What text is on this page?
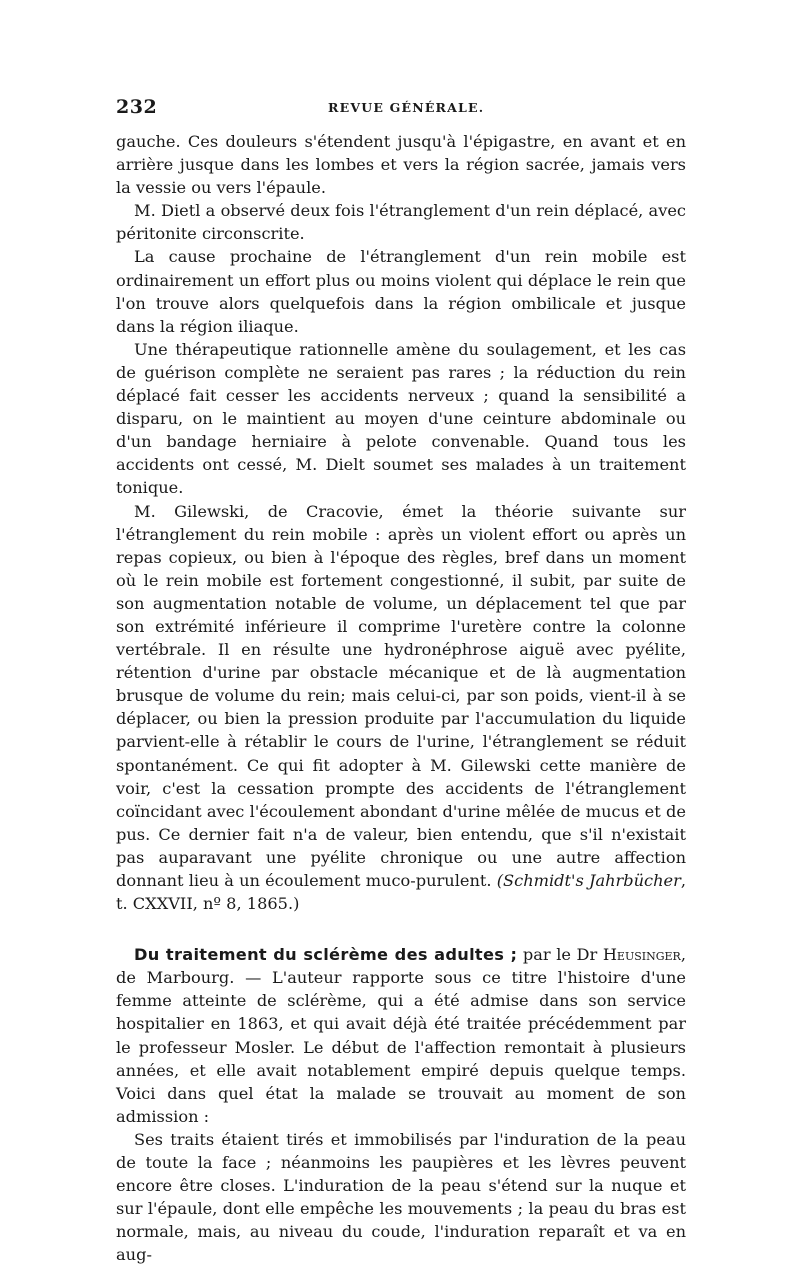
232	REVUE GÉNÉRALE.

gauche. Ces douleurs s'étendent jusqu'à l'épigastre, en avant et en arrière jusque dans les lombes et vers la région sacrée, jamais vers la vessie ou vers l'épaule.

M. Dietl a observé deux fois l'étranglement d'un rein déplacé, avec péritonite circonscrite.

La cause prochaine de l'étranglement d'un rein mobile est ordinairement un effort plus ou moins violent qui déplace le rein que l'on trouve alors quelquefois dans la région ombilicale et jusque dans la région iliaque.

Une thérapeutique rationnelle amène du soulagement, et les cas de guérison complète ne seraient pas rares ; la réduction du rein déplacé fait cesser les accidents nerveux ; quand la sensibilité a disparu, on le maintient au moyen d'une ceinture abdominale ou d'un bandage herniaire à pelote convenable. Quand tous les accidents ont cessé, M. Dielt soumet ses malades à un traitement tonique.

M. Gilewski, de Cracovie, émet la théorie suivante sur l'étranglement du rein mobile : après un violent effort ou après un repas copieux, ou bien à l'époque des règles, bref dans un moment où le rein mobile est fortement congestionné, il subit, par suite de son augmentation notable de volume, un déplacement tel que par son extrémité inférieure il comprime l'uretère contre la colonne vertébrale. Il en résulte une hydronéphrose aiguë avec pyélite, rétention d'urine par obstacle mécanique et de là augmentation brusque de volume du rein; mais celui-ci, par son poids, vient-il à se déplacer, ou bien la pression produite par l'accumulation du liquide parvient-elle à rétablir le cours de l'urine, l'étranglement se réduit spontanément. Ce qui fit adopter à M. Gilewski cette manière de voir, c'est la cessation prompte des accidents de l'étranglement coïncidant avec l'écoulement abondant d'urine mêlée de mucus et de pus. Ce dernier fait n'a de valeur, bien entendu, que s'il n'existait pas auparavant une pyélite chronique ou une autre affection donnant lieu à un écoulement muco-purulent. (Schmidt's Jahrbücher, t. CXXVII, nº 8, 1865.)

Du traitement du sclérème des adultes ; par le Dr Heusinger, de Marbourg. — L'auteur rapporte sous ce titre l'histoire d'une femme atteinte de sclérème, qui a été admise dans son service hospitalier en 1863, et qui avait déjà été traitée précédemment par le professeur Mosler. Le début de l'affection remontait à plusieurs années, et elle avait notablement empiré depuis quelque temps. Voici dans quel état la malade se trouvait au moment de son admission :

Ses traits étaient tirés et immobilisés par l'induration de la peau de toute la face ; néanmoins les paupières et les lèvres peuvent encore être closes. L'induration de la peau s'étend sur la nuque et sur l'épaule, dont elle empêche les mouvements ; la peau du bras est normale, mais, au niveau du coude, l'induration reparaît et va en aug-
